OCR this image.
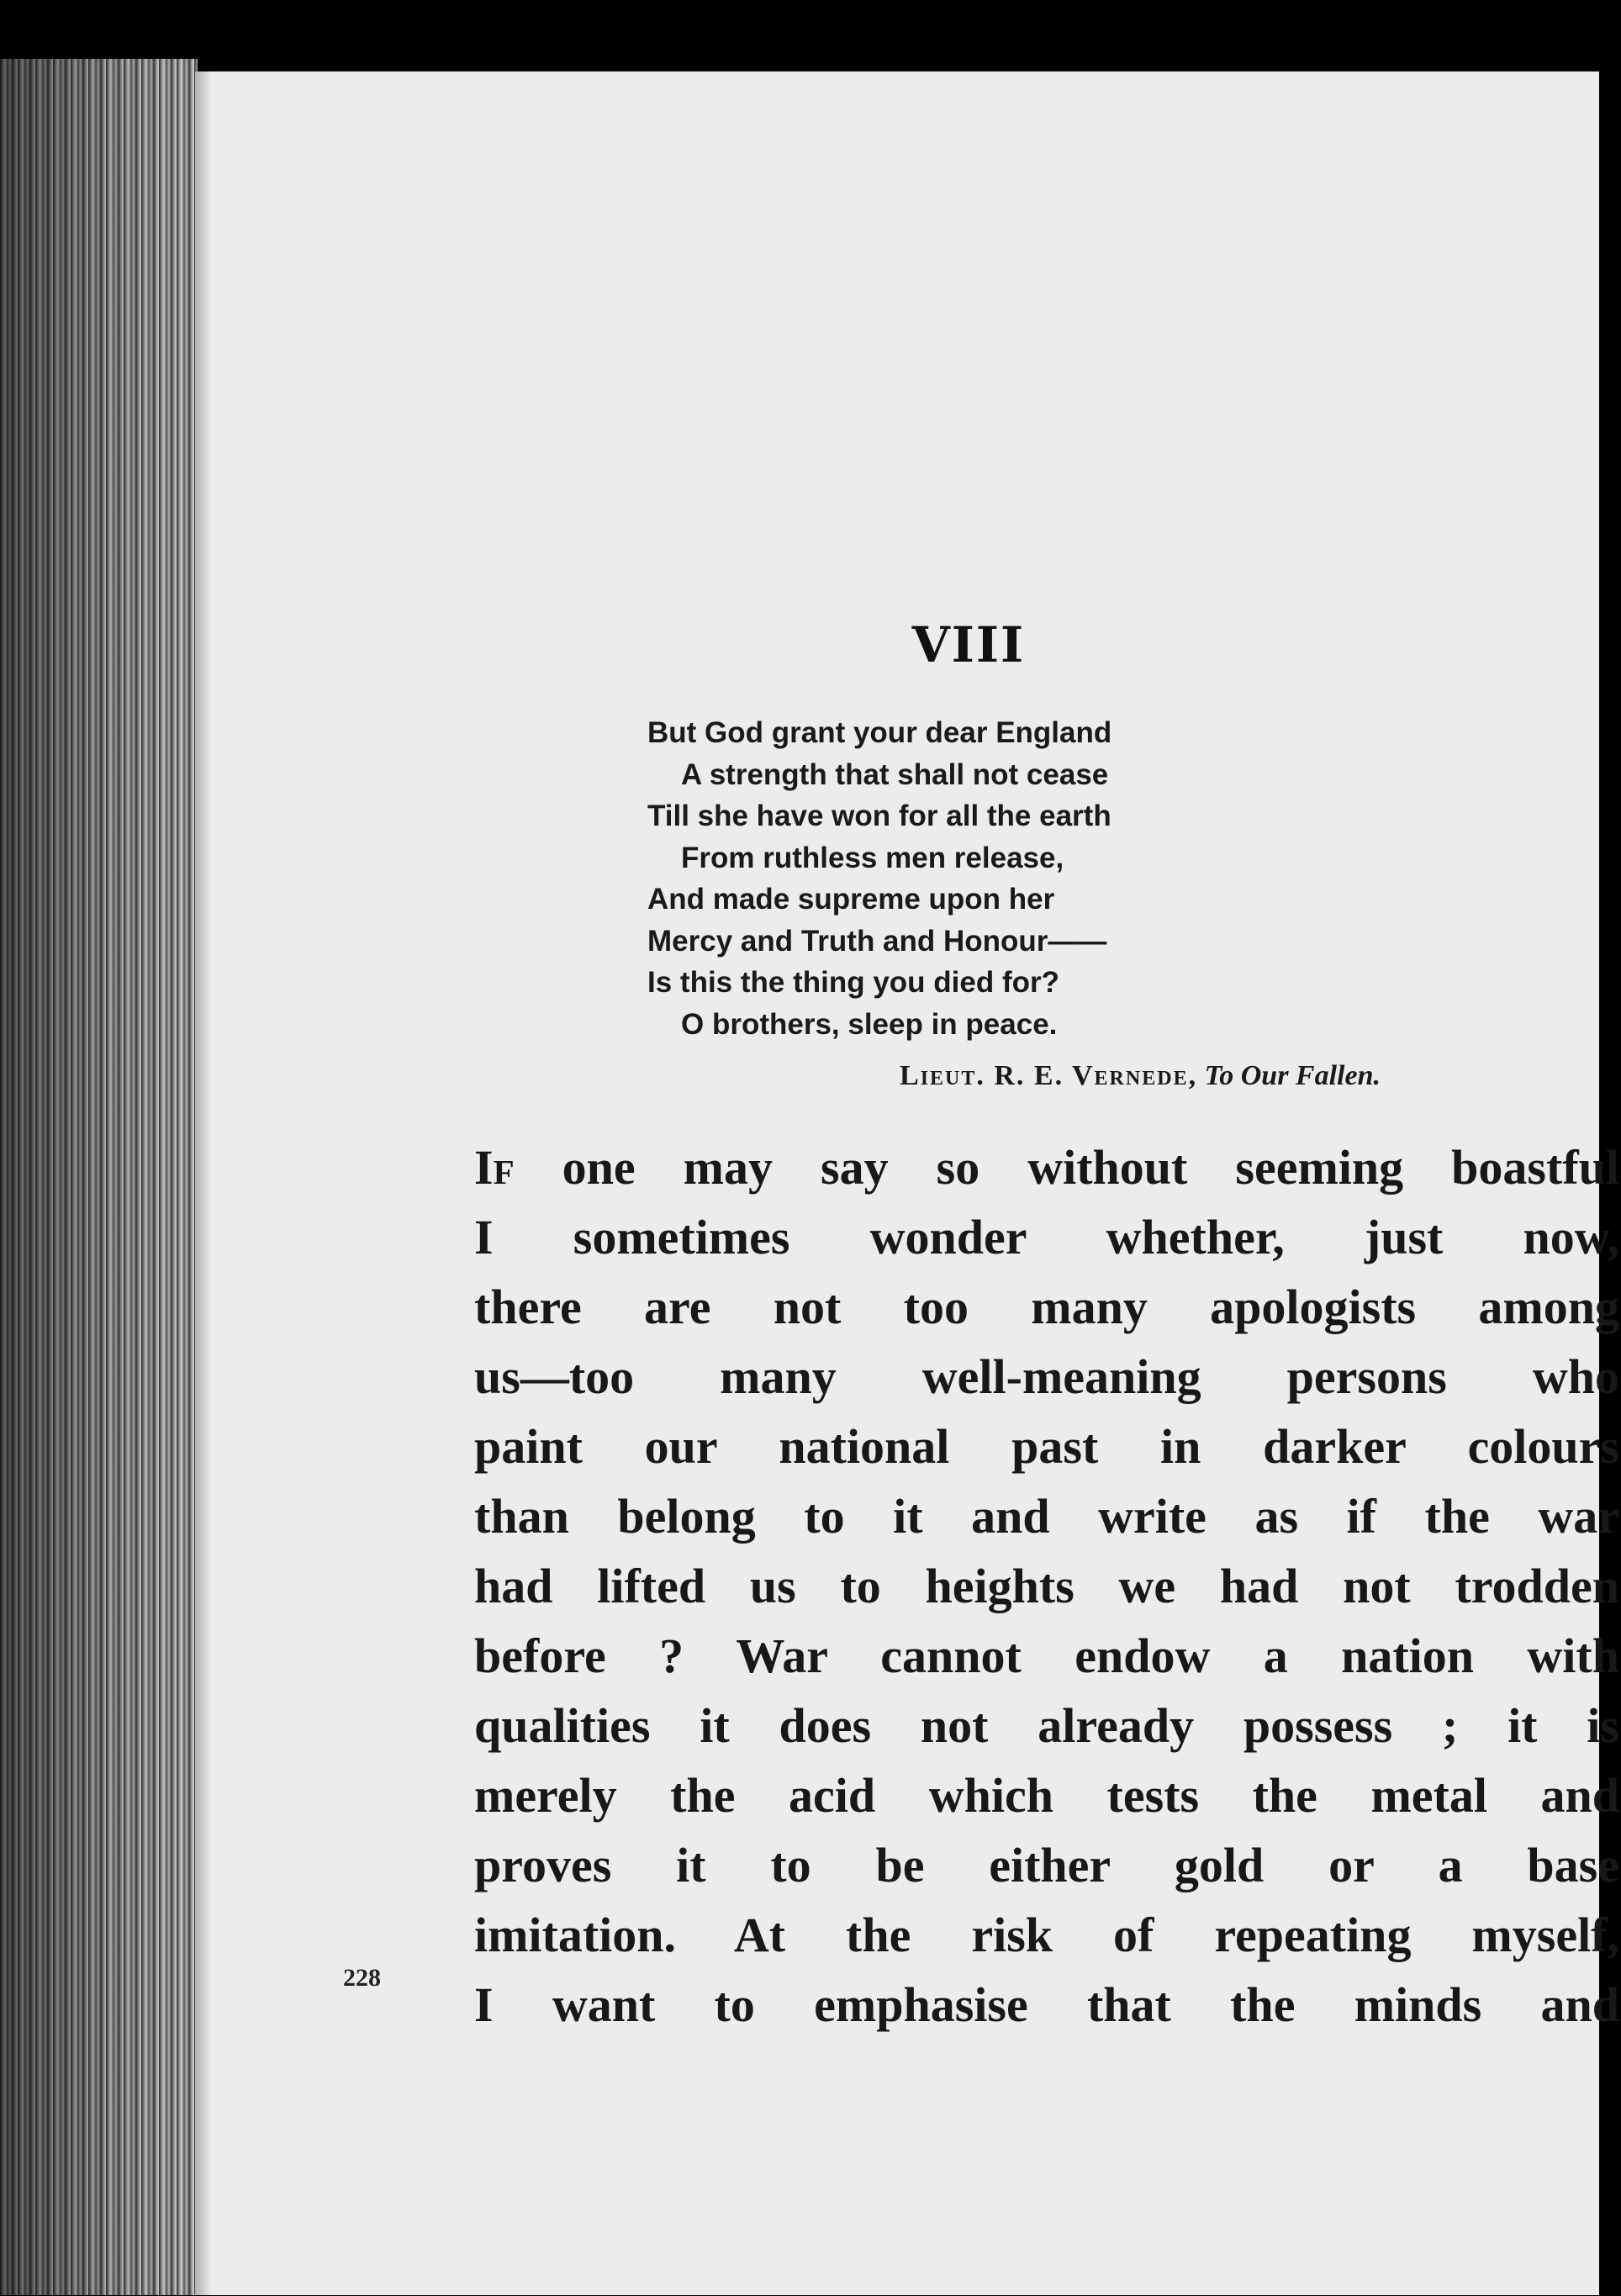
VIII
But God grant your dear England
A strength that shall not cease
Till she have won for all the earth
From ruthless men release,
And made supreme upon her
Mercy and Truth and Honour——
Is this the thing you died for?
O brothers, sleep in peace.
Lieut. R. E. Vernede, To Our Fallen.
If one may say so without seeming boastful
I sometimes wonder whether, just now,
there are not too many apologists among
us—too many well-meaning persons who
paint our national past in darker colours
than belong to it and write as if the war
had lifted us to heights we had not trodden
before ? War cannot endow a nation with
qualities it does not already possess ; it is
merely the acid which tests the metal and
proves it to be either gold or a base
imitation. At the risk of repeating myself,
I want to emphasise that the minds and
228
